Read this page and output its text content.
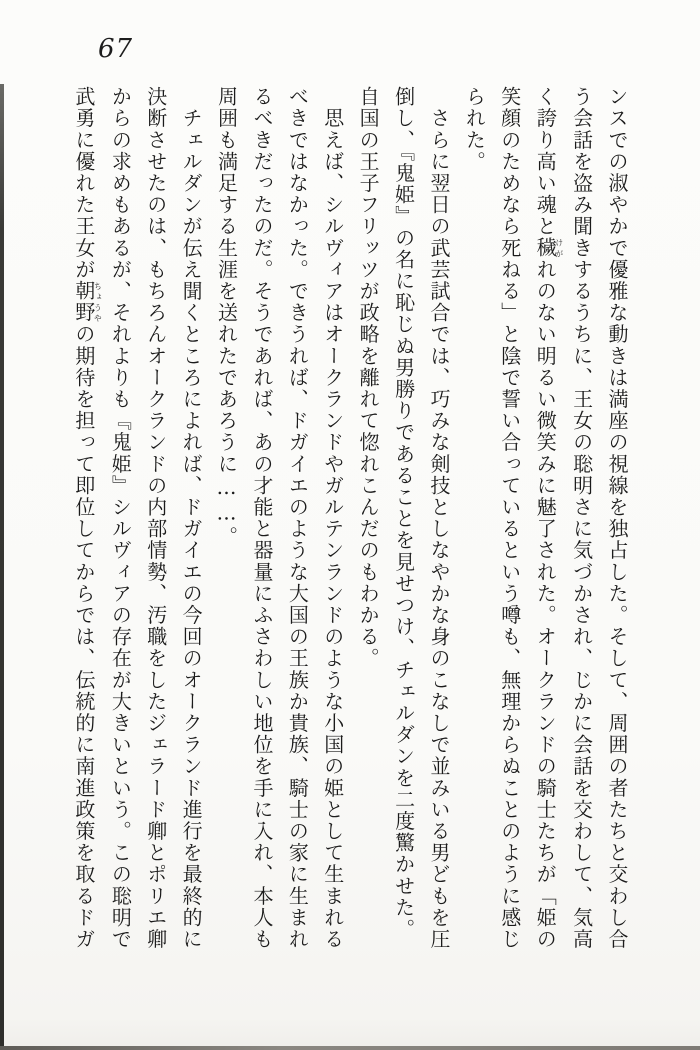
67
ンスでの淑やかで優雅な動きは満座の視線を独占した。そして、周囲の者たちと交わし合
う会話を盗み聞きするうちに、王女の聡明さに気づかされ、じかに会話を交わして、気高
く誇り高い魂と穢けがれのない明るい微笑みに魅了された。オークランドの騎士たちが「姫の
笑顔のためなら死ねる」と陰で誓い合っているという噂も、無理からぬことのように感じ
られた。
　さらに翌日の武芸試合では、巧みな剣技としなやかな身のこなしで並みいる男どもを圧
倒し、『鬼姫』の名に恥じぬ男勝りであることを見せつけ、チェルダンを二度驚かせた。
自国の王子フリッツが政略を離れて惚れこんだのもわかる。
　思えば、シルヴィアはオークランドやガルテンランドのような小国の姫として生まれる
べきではなかった。できうれば、ドガイエのような大国の王族か貴族、騎士の家に生まれ
るべきだったのだ。そうであれば、あの才能と器量にふさわしい地位を手に入れ、本人も
周囲も満足する生涯を送れたであろうに……。
　チェルダンが伝え聞くところによれば、ドガイエの今回のオークランド進行を最終的に
決断させたのは、もちろんオークランドの内部情勢、汚職をしたジェラード卿とポリエ卿
からの求めもあるが、それよりも『鬼姫』シルヴィアの存在が大きいという。この聡明で
武勇に優れた王女が朝野ちょうやの期待を担って即位してからでは、伝統的に南進政策を取るドガ
